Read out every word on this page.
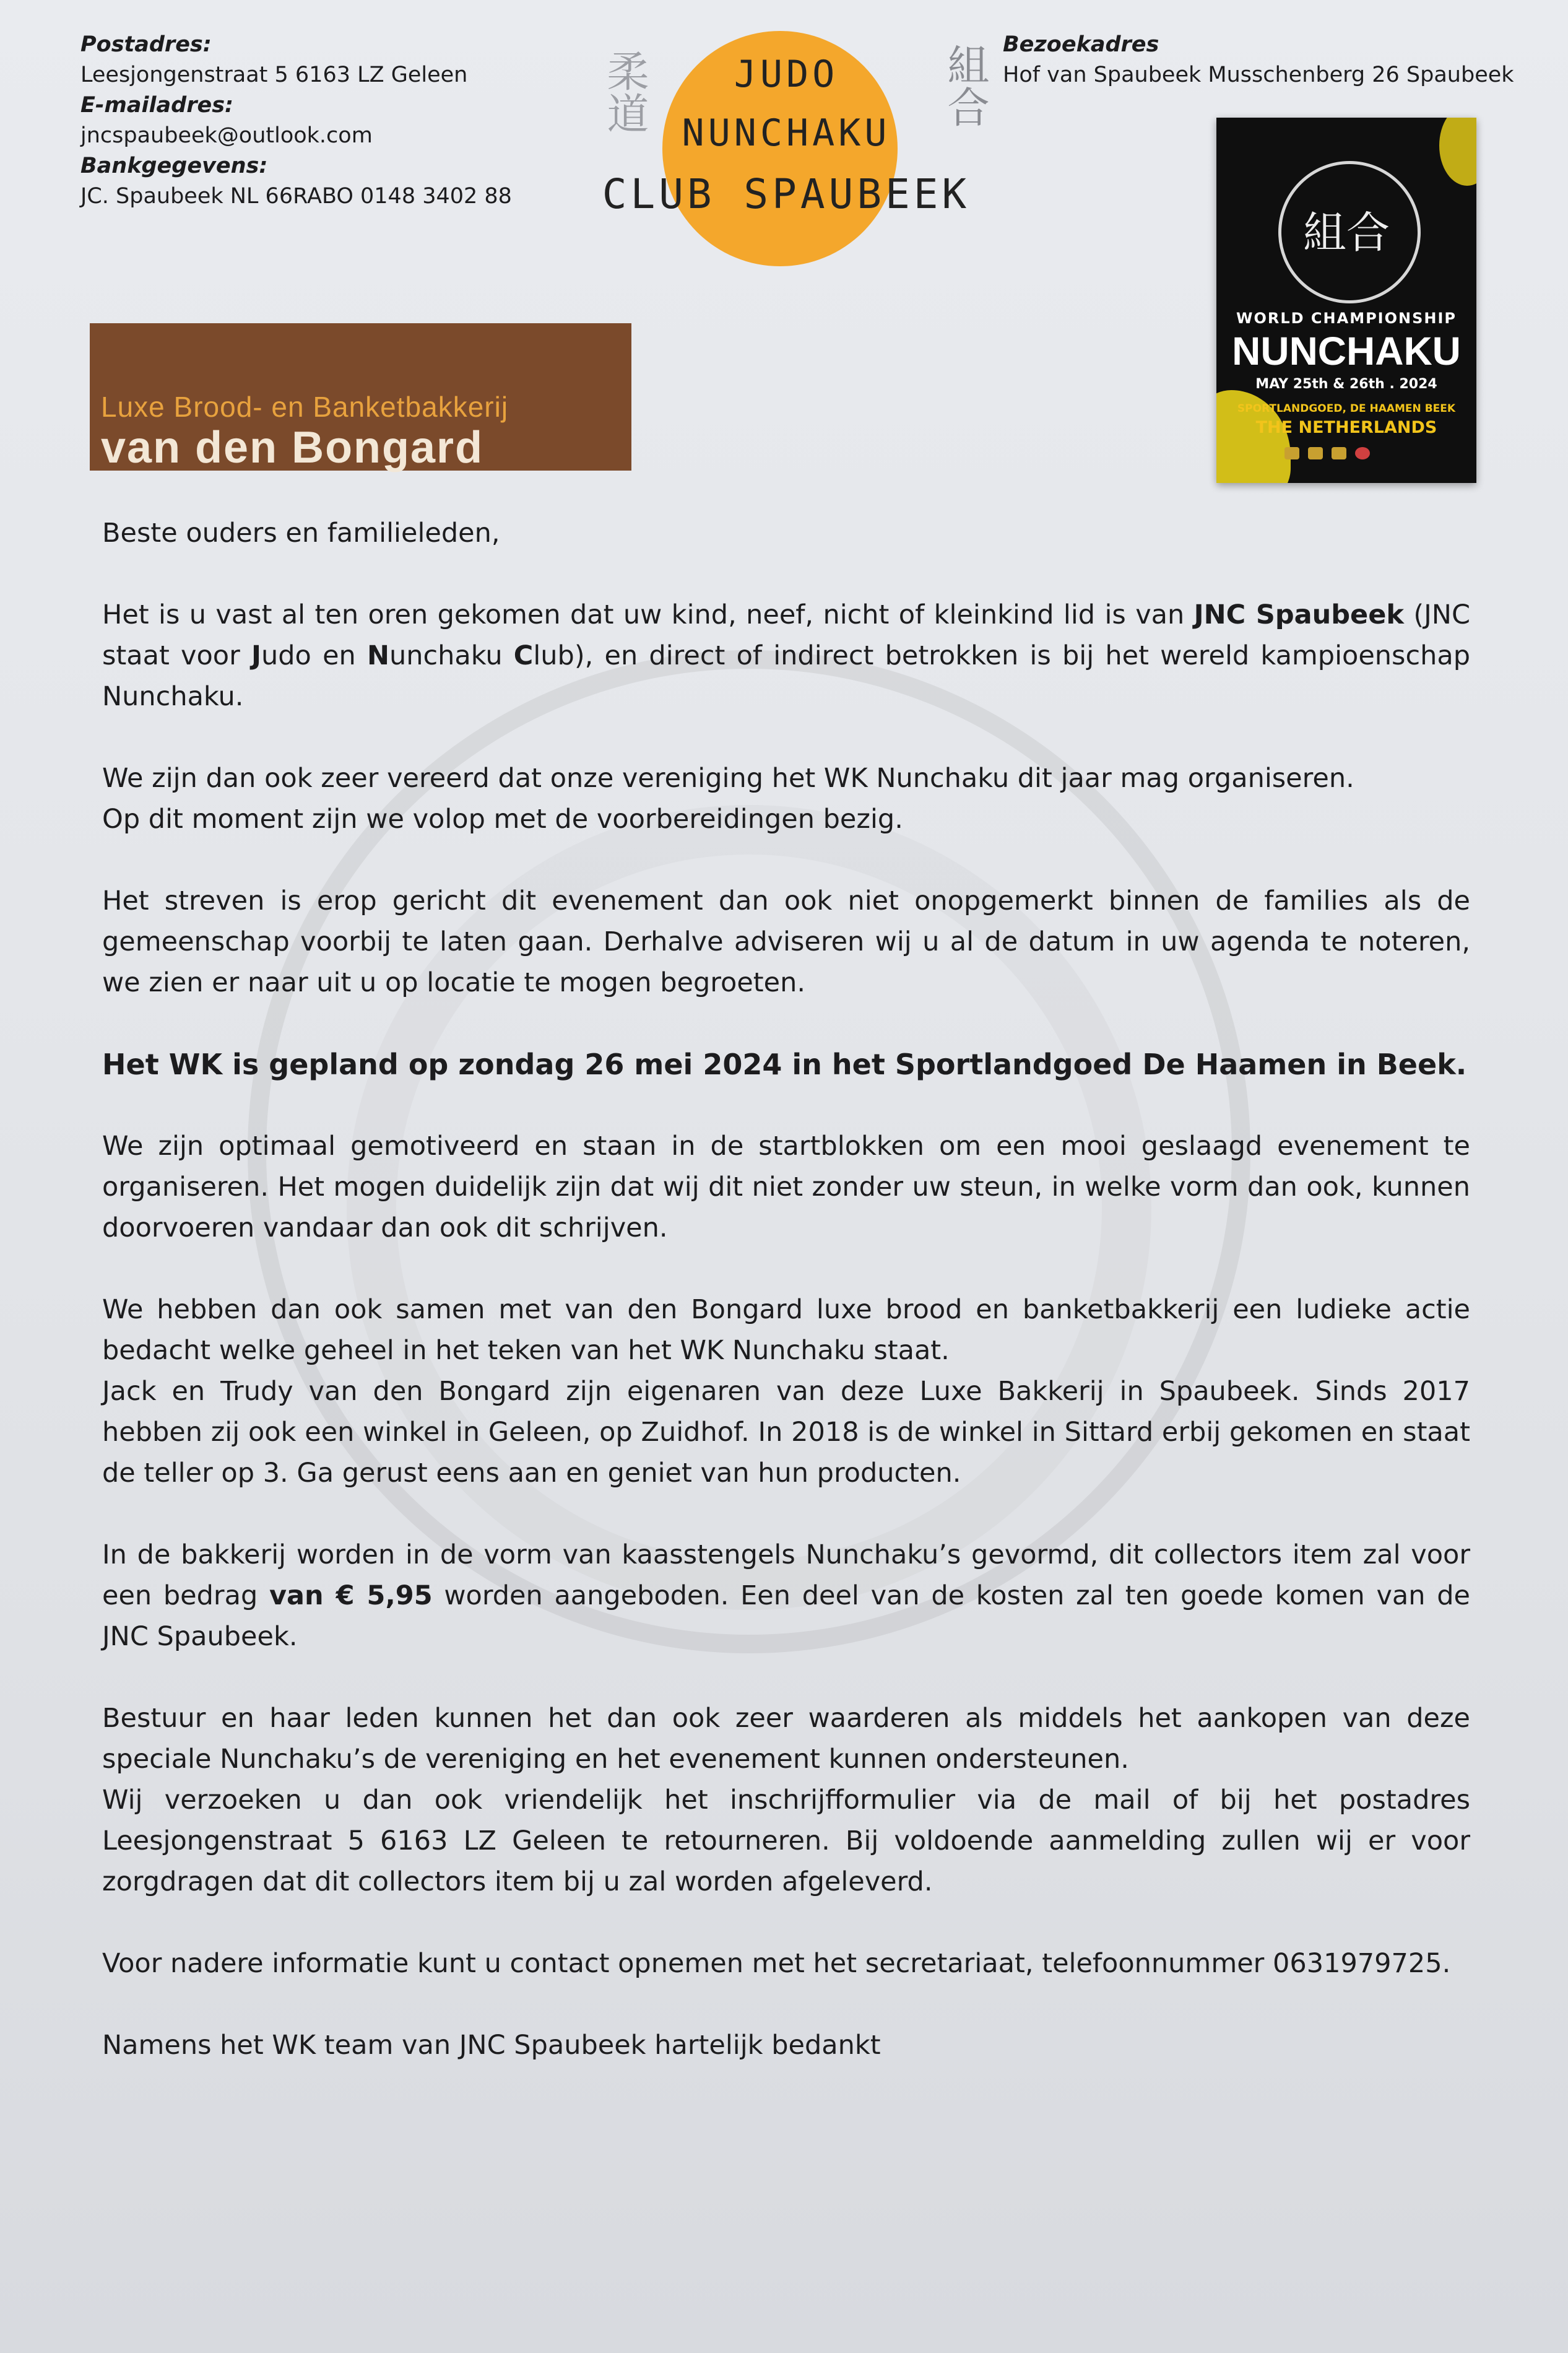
Postadres:
Leesjongenstraat 5 6163 LZ Geleen
E-mailadres:
jncspaubeek@outlook.com
Bankgegevens:
JC. Spaubeek NL 66RABO 0148 3402 88
Bezoekadres
Hof van Spaubeek Musschenberg 26 Spaubeek
柔道	組合
JUDO
NUNCHAKU
CLUB SPAUBEEK
組合
WORLD CHAMPIONSHIP
NUNCHAKU
MAY 25th & 26th . 2024
SPORTLANDGOED, DE HAAMEN BEEK
THE NETHERLANDS
Luxe Brood- en Banketbakkerij
van den Bongard

Beste ouders en familieleden,

Het is u vast al ten oren gekomen dat uw kind, neef, nicht of kleinkind lid is van JNC Spaubeek (JNC staat voor Judo en Nunchaku Club), en direct of indirect betrokken is bij het wereld kampioenschap Nunchaku.

We zijn dan ook zeer vereerd dat onze vereniging het WK Nunchaku dit jaar mag organiseren.

Op dit moment zijn we volop met de voorbereidingen bezig.

Het streven is erop gericht dit evenement dan ook niet onopgemerkt binnen de families als de gemeenschap voorbij te laten gaan. Derhalve adviseren wij u al de datum in uw agenda te noteren, we zien er naar uit u op locatie te mogen begroeten.

Het WK is gepland op zondag 26 mei 2024 in het Sportlandgoed De Haamen in Beek.

We zijn optimaal gemotiveerd en staan in de startblokken om een mooi geslaagd evenement te organiseren. Het mogen duidelijk zijn dat wij dit niet zonder uw steun, in welke vorm dan ook, kunnen doorvoeren vandaar dan ook dit schrijven.

We hebben dan ook samen met van den Bongard luxe brood en banketbakkerij een ludieke actie bedacht welke geheel in het teken van het WK Nunchaku staat.

Jack en Trudy van den Bongard zijn eigenaren van deze Luxe Bakkerij in Spaubeek. Sinds 2017 hebben zij ook een winkel in Geleen, op Zuidhof. In 2018 is de winkel in Sittard erbij gekomen en staat de teller op 3. Ga gerust eens aan en geniet van hun producten.

In de bakkerij worden in de vorm van kaasstengels Nunchaku’s gevormd, dit collectors item zal voor een bedrag van € 5,95 worden aangeboden. Een deel van de kosten zal ten goede komen van de JNC Spaubeek.

Bestuur en haar leden kunnen het dan ook zeer waarderen als middels het aankopen van deze speciale Nunchaku’s de vereniging en het evenement kunnen ondersteunen.

Wij verzoeken u dan ook vriendelijk het inschrijfformulier via de mail of bij het postadres Leesjongenstraat 5 6163 LZ Geleen te retourneren. Bij voldoende aanmelding zullen wij er voor zorgdragen dat dit collectors item bij u zal worden afgeleverd.

Voor nadere informatie kunt u contact opnemen met het secretariaat, telefoonnummer 0631979725.

Namens het WK team van JNC Spaubeek hartelijk bedankt
